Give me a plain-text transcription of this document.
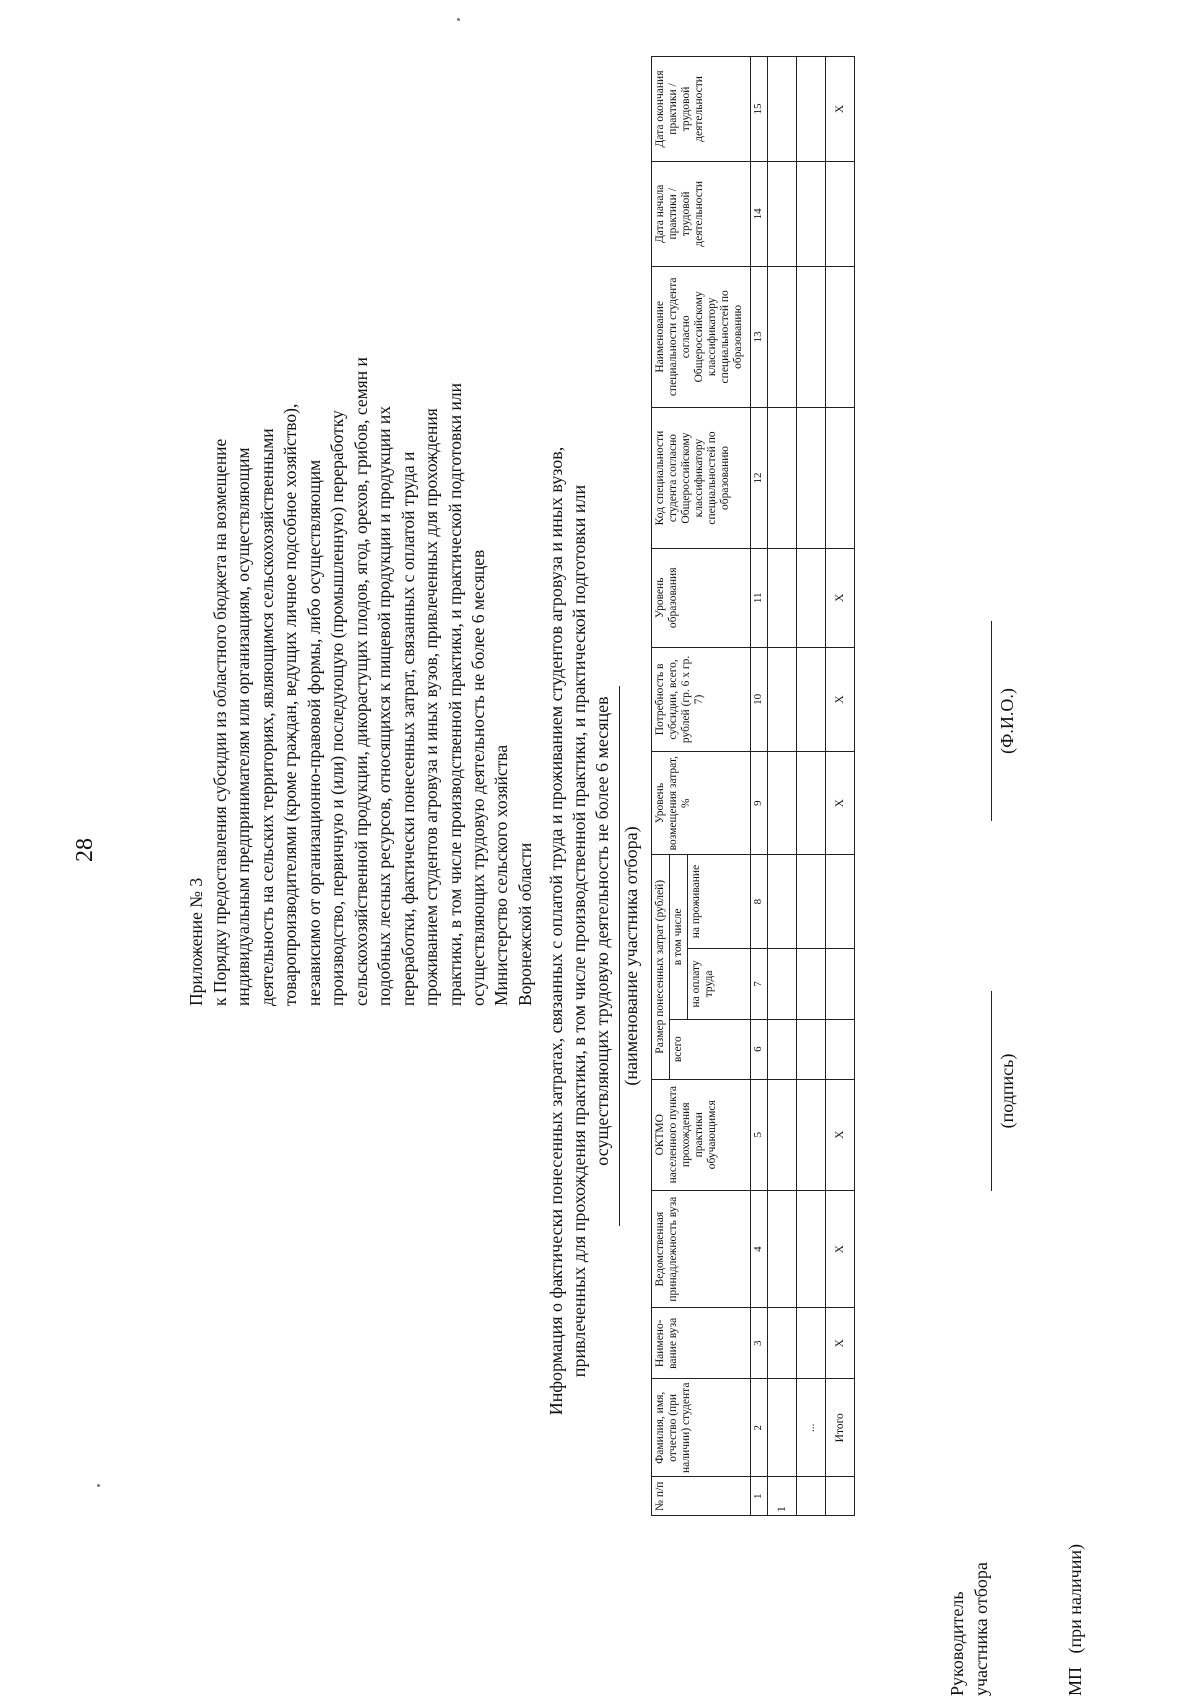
28
Приложение № 3 к Порядку предоставления субсидии из областного бюджета на возмещение индивидуальным предпринимателям или организациям, осуществляющим деятельность на сельских территориях, являющимся сельскохозяйственными товаропроизводителями (кроме граждан, ведущих личное подсобное хозяйство), независимо от организационно-правовой формы, либо осуществляющим производство, первичную и (или) последующую (промышленную) переработку сельскохозяйственной продукции, дикорастущих плодов, ягод, орехов, грибов, семян и подобных лесных ресурсов, относящихся к пищевой продукции и продукции их переработки, фактически понесенных затрат, связанных с оплатой труда и проживанием студентов агровуза и иных вузов, привлеченных для прохождения практики, в том числе производственной практики, и практической подготовки или осуществляющих трудовую деятельность не более 6 месяцев Министерство сельского хозяйства Воронежской области Информация о фактически понесенных затратах, связанных с оплатой труда и проживанием студентов агровуза и иных вузов, привлеченных для прохождения практики, в том числе производственной практики, и практической подготовки или осуществляющих трудовую деятельность не более 6 месяцев (наименование участника отбора)
№ п/п	Фамилия, имя, отчество (при наличии) студента	Наимено-вание вуза	Ведомственная принадлежность вуза	ОКТМО населенного пункта прохождения практики обучающимся	Размер понесенных затрат (рублей)			Уровень возмещения затрат, %	Потребность в субсидии, всего, рублей (гр. 6 x гр. 7)	Уровень образования	Код специальности студента согласно Общероссийскому классификатору специальностей по образованию	Наименование специальности студента согласно Общероссийскому классификатору специальностей по образованию	Дата начала практики / трудовой деятельности	Дата окончания практики / трудовой деятельности
					всего	в том числе								
						на оплату труда	на проживание							
1	2	3	4	5	6	7	8	9	10	11	12	13	14	15
1														
	...													
	Итого	X	X	X				X	X	X				X
Руководитель участника отбора
(подпись)
(Ф.И.О.)
МП   (при наличии)
